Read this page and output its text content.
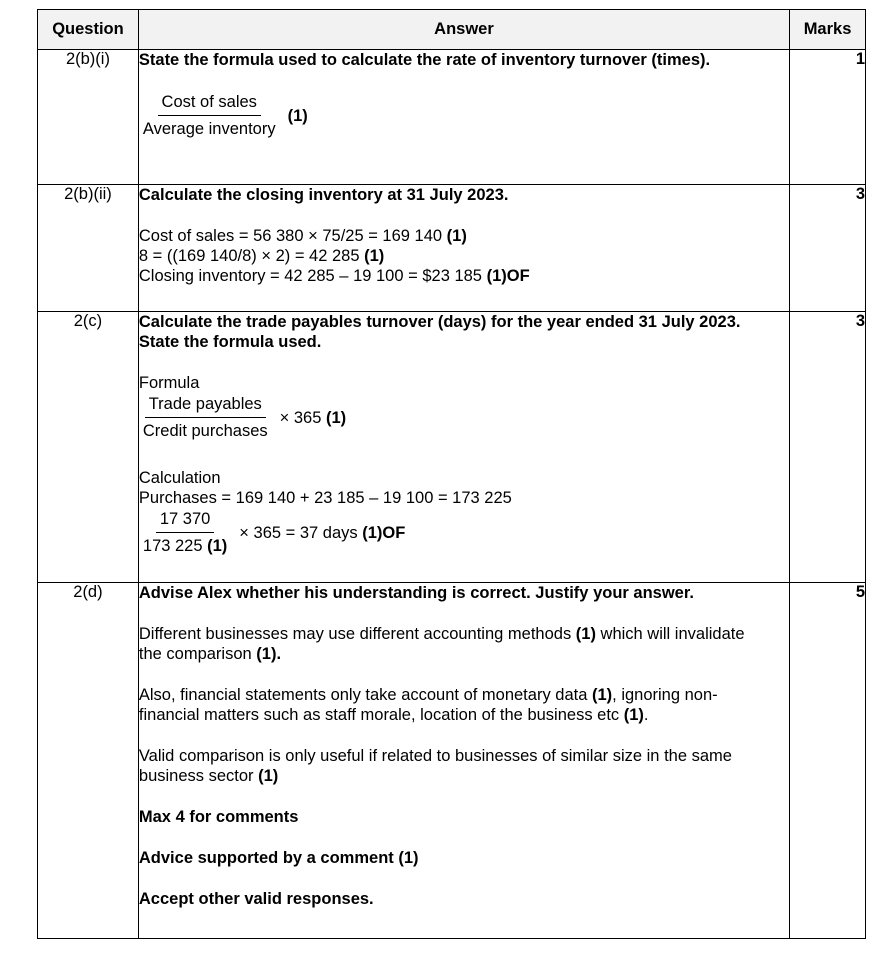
Question	Answer	Marks
2(b)(i)	State the formula used to calculate the rate of inventory turnover (times).

$\frac{\text{Cost of sales}}{\text{Average inventory}} (1)$	1
2(b)(ii)	Calculate the closing inventory at 31 July 2023.

Cost of sales = 56 380 × 75/25 = 169 140 (1)

8 = ((169 140/8) × 2) = 42 285 (1)

Closing inventory = 42 285 – 19 100 = $23 185 (1)OF	3
2(c)	Calculate the trade payables turnover (days) for the year ended 31 July 2023. State the formula used.

Formula

$\frac{\text{Trade payables}}{\text{Credit purchases}} \times 365$ (1)

Calculation

Purchases = 169 140 + 23 185 – 19 100 = 173 225

$\frac{17 370}{173 225 (1)} \times 365 = 37$ days (1)OF
	3
2(d)	Advise Alex whether his understanding is correct. Justify your answer.

Different businesses may use different accounting methods (1) which will invalidate the comparison (1).

Also, financial statements only take account of monetary data (1), ignoring non-financial matters such as staff morale, location of the business etc (1).

Valid comparison is only useful if related to businesses of similar size in the same business sector (1)

Max 4 for comments

Advice supported by a comment (1)

Accept other valid responses.

	5
